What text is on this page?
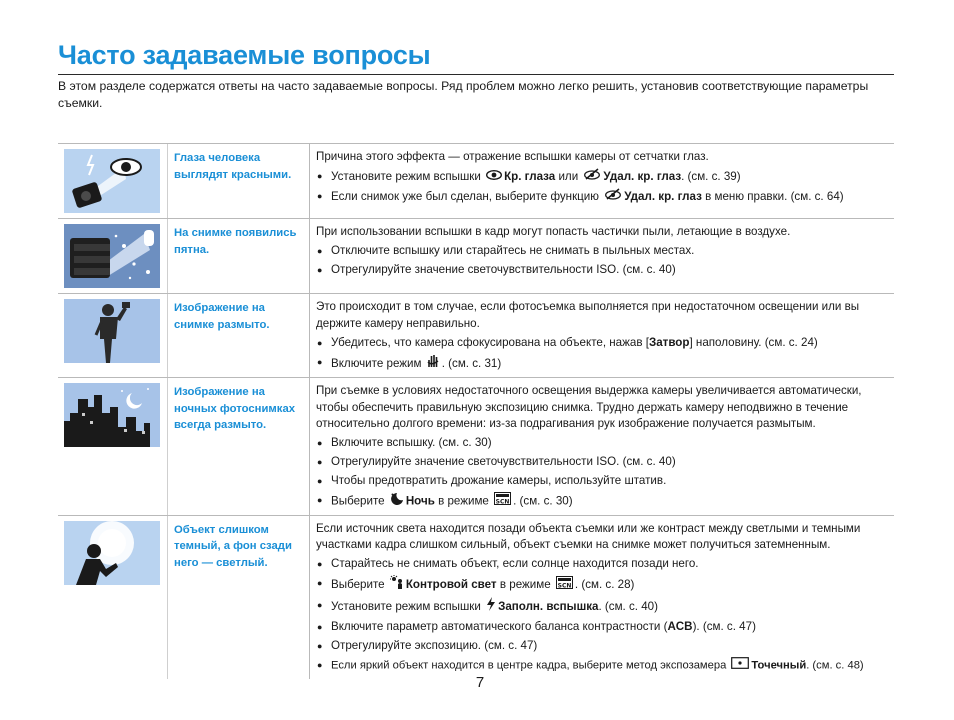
Часто задаваемые вопросы
В этом разделе содержатся ответы на часто задаваемые вопросы. Ряд проблем можно легко решить, установив соответствующие параметры съемки.
Глаза человека выглядят красными.

Причина этого эффекта — отражение вспышки камеры от сетчатки глаз.

● Установите режим вспышки Кр. глаза или Удал. кр. глаз. (см. с. 39)
● Если снимок уже был сделан, выберите функцию Удал. кр. глаз в меню правки. (см. с. 64)
На снимке появились пятна.

При использовании вспышки в кадр могут попасть частички пыли, летающие в воздухе.

● Отключите вспышку или старайтесь не снимать в пыльных местах.
● Отрегулируйте значение светочувствительности ISO. (см. с. 40)
Изображение на снимке размыто.

Это происходит в том случае, если фотосъемка выполняется при недостаточном освещении или вы держите камеру неправильно.

● Убедитесь, что камера сфокусирована на объекте, нажав [Затвор] наполовину. (см. с. 24)
● Включите режим . (см. с. 31)
Изображение на ночных фотоснимках всегда размыто.

При съемке в условиях недостаточного освещения выдержка камеры увеличивается автоматически, чтобы обеспечить правильную экспозицию снимка. Трудно держать камеру неподвижно в течение относительно долгого времени: из-за подрагивания рук изображение получается размытым.

● Включите вспышку. (см. с. 30)
● Отрегулируйте значение светочувствительности ISO. (см. с. 40)
● Чтобы предотвратить дрожание камеры, используйте штатив.
● Выберите Ночь в режиме SCN . (см. с. 30)
Объект слишком темный, а фон сзади него — светлый.

Если источник света находится позади объекта съемки или же контраст между светлыми и темными участками кадра слишком сильный, объект съемки на снимке может получиться затемненным.

● Старайтесь не снимать объект, если солнце находится позади него.
● Выберите Контровой свет в режиме SCN . (см. с. 28)
● Установите режим вспышки Заполн. вспышка. (см. с. 40)
● Включите параметр автоматического баланса контрастности (ACB). (см. с. 47)
● Отрегулируйте экспозицию. (см. с. 47)
● Если яркий объект находится в центре кадра, выберите метод экспозамера Точечный. (см. с. 48)
7
